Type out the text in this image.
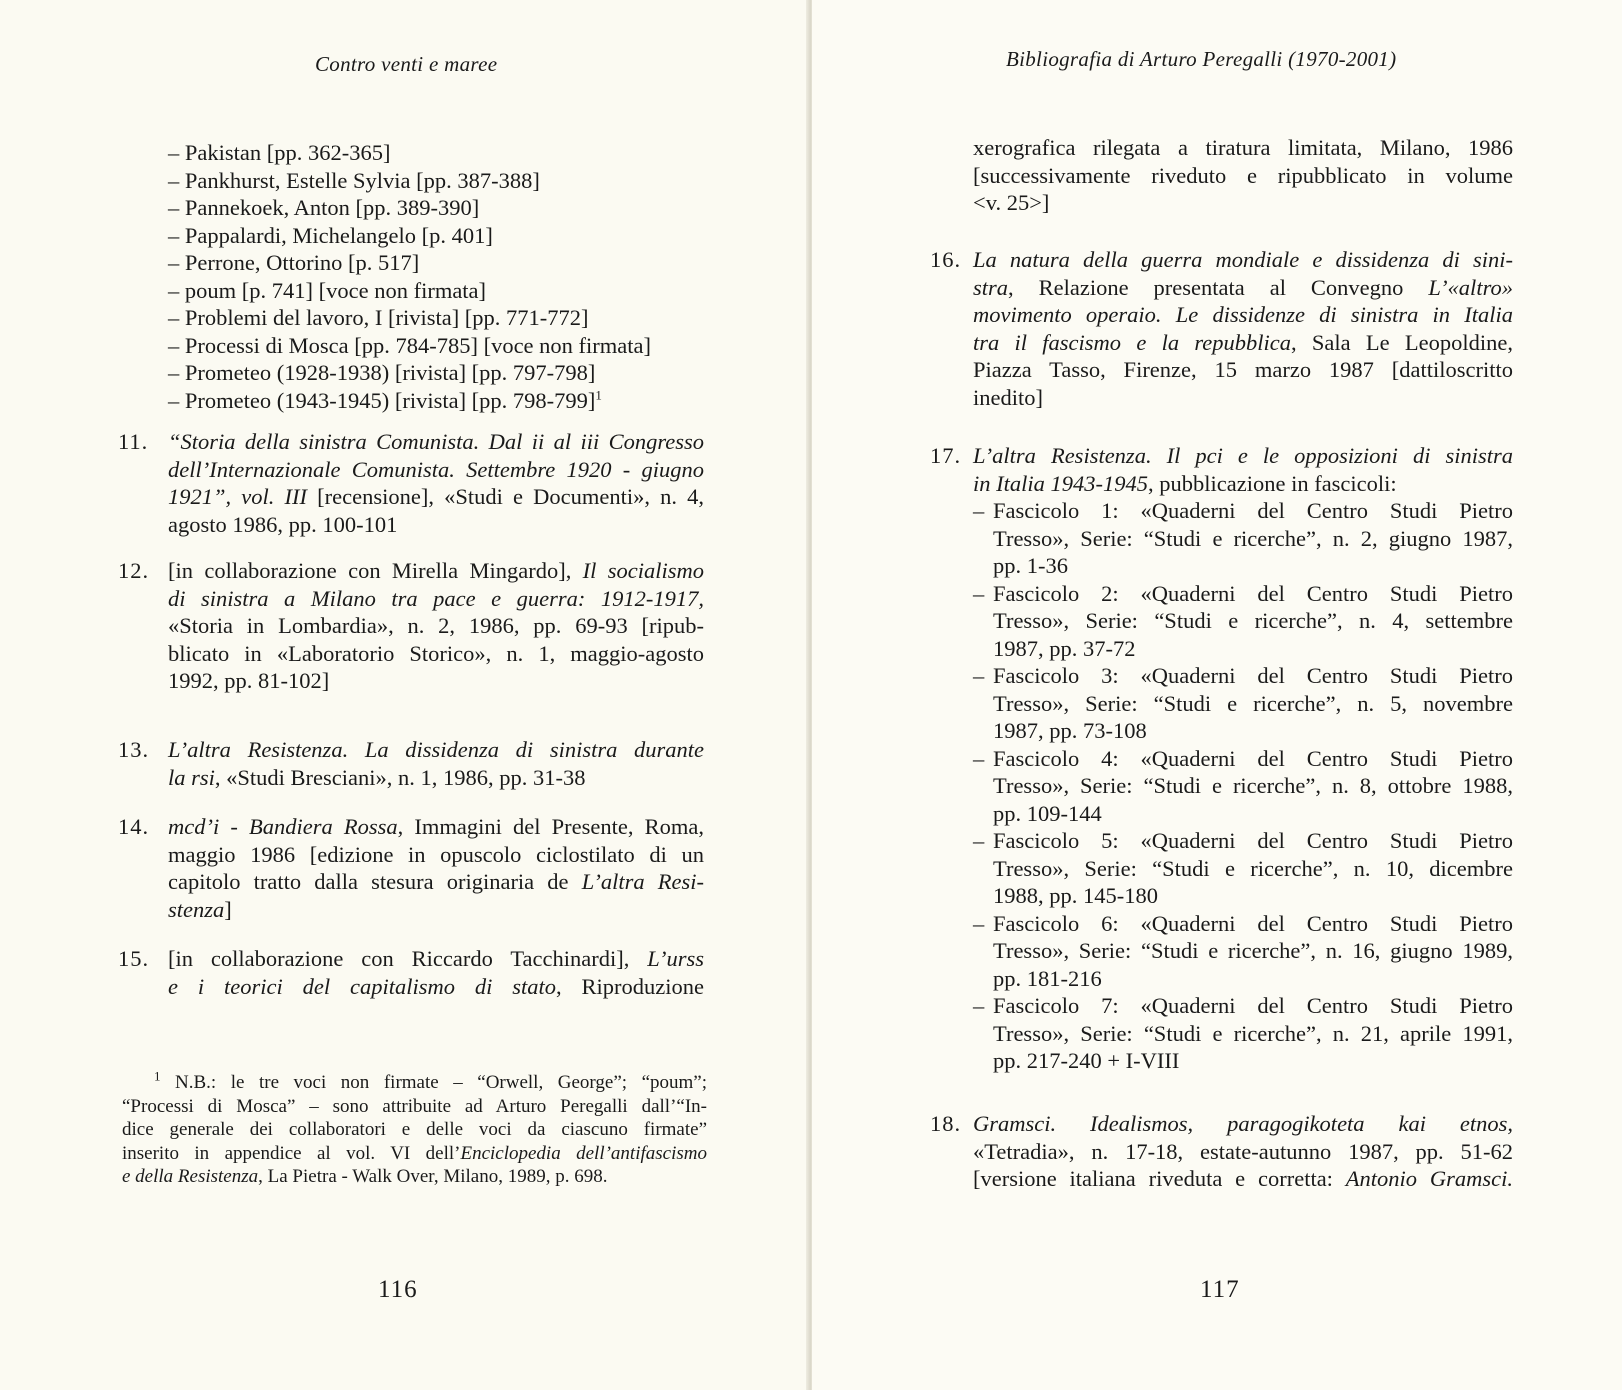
Contro venti e maree
– Pakistan [pp. 362-365]
– Pankhurst, Estelle Sylvia [pp. 387-388]
– Pannekoek, Anton [pp. 389-390]
– Pappalardi, Michelangelo [p. 401]
– Perrone, Ottorino [p. 517]
– poum [p. 741] [voce non firmata]
– Problemi del lavoro, I [rivista] [pp. 771-772]
– Processi di Mosca [pp. 784-785] [voce non firmata]
– Prometeo (1928-1938) [rivista] [pp. 797-798]
– Prometeo (1943-1945) [rivista] [pp. 798-799]$^1$
11. “Storia della sinistra Comunista. Dal ii al iii Congresso
dell’Internazionale Comunista. Settembre 1920 - giugno
1921”, vol. III [recensione], «Studi e Documenti», n. 4,
agosto 1986, pp. 100-101
12. [in collaborazione con Mirella Mingardo], Il socialismo
di sinistra a Milano tra pace e guerra: 1912-1917,
«Storia in Lombardia», n. 2, 1986, pp. 69-93 [ripub-
blicato in «Laboratorio Storico», n. 1, maggio-agosto
1992, pp. 81-102]
13. L’altra Resistenza. La dissidenza di sinistra durante
la rsi, «Studi Bresciani», n. 1, 1986, pp. 31-38
14. mcd’i - Bandiera Rossa, Immagini del Presente, Roma,
maggio 1986 [edizione in opuscolo ciclostilato di un
capitolo tratto dalla stesura originaria de L’altra Resi-
stenza]
15. [in collaborazione con Riccardo Tacchinardi], L’urss
e i teorici del capitalismo di stato, Riproduzione
$^1$ N.B.: le tre voci non firmate – “Orwell, George”; “poum”;
“Processi di Mosca” – sono attribuite ad Arturo Peregalli dall’“In-
dice generale dei collaboratori e delle voci da ciascuno firmate”
inserito in appendice al vol. VI dell’Enciclopedia dell’antifascismo
e della Resistenza, La Pietra - Walk Over, Milano, 1989, p. 698.
116
Bibliografia di Arturo Peregalli (1970-2001)
xerografica rilegata a tiratura limitata, Milano, 1986
[successivamente riveduto e ripubblicato in volume
<v. 25>]
16. La natura della guerra mondiale e dissidenza di sini-
stra, Relazione presentata al Convegno L’«altro»
movimento operaio. Le dissidenze di sinistra in Italia
tra il fascismo e la repubblica, Sala Le Leopoldine,
Piazza Tasso, Firenze, 15 marzo 1987 [dattiloscritto
inedito]
17. L’altra Resistenza. Il pci e le opposizioni di sinistra
in Italia 1943-1945, pubblicazione in fascicoli:
– Fascicolo 1: «Quaderni del Centro Studi Pietro
Tresso», Serie: “Studi e ricerche”, n. 2, giugno 1987,
pp. 1-36
– Fascicolo 2: «Quaderni del Centro Studi Pietro
Tresso», Serie: “Studi e ricerche”, n. 4, settembre
1987, pp. 37-72
– Fascicolo 3: «Quaderni del Centro Studi Pietro
Tresso», Serie: “Studi e ricerche”, n. 5, novembre
1987, pp. 73-108
– Fascicolo 4: «Quaderni del Centro Studi Pietro
Tresso», Serie: “Studi e ricerche”, n. 8, ottobre 1988,
pp. 109-144
– Fascicolo 5: «Quaderni del Centro Studi Pietro
Tresso», Serie: “Studi e ricerche”, n. 10, dicembre
1988, pp. 145-180
– Fascicolo 6: «Quaderni del Centro Studi Pietro
Tresso», Serie: “Studi e ricerche”, n. 16, giugno 1989,
pp. 181-216
– Fascicolo 7: «Quaderni del Centro Studi Pietro
Tresso», Serie: “Studi e ricerche”, n. 21, aprile 1991,
pp. 217-240 + I-VIII
18. Gramsci. Idealismos, paragogikoteta kai etnos,
«Tetradia», n. 17-18, estate-autunno 1987, pp. 51-62
[versione italiana riveduta e corretta: Antonio Gramsci.
117
